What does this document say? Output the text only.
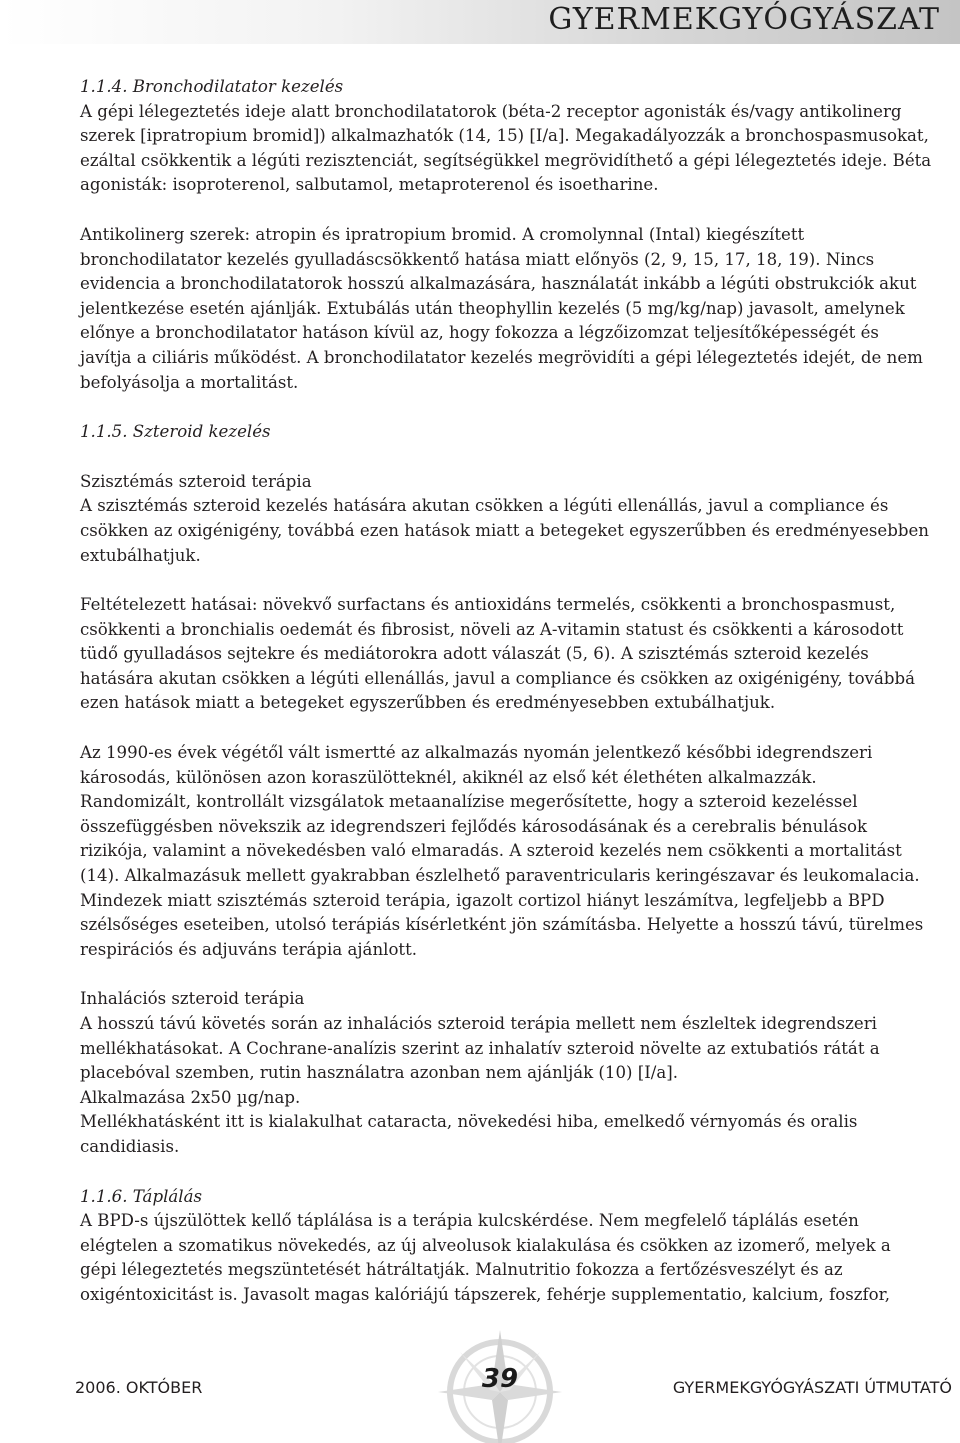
GYERMEKGYÓGYÁSZAT

1.1.4. Bronchodilatator kezelés

A gépi lélegeztetés ideje alatt bronchodilatatorok (béta-2 receptor agonisták és/vagy antikolinerg szerek [ipratropium bromid]) alkalmazhatók (14, 15) [I/a]. Megakadályozzák a bronchospasmusokat, ezáltal csökkentik a légúti rezisztenciát, segítségükkel megrövidíthető a gépi lélegeztetés ideje. Béta agonisták: isoproterenol, salbutamol, metaproterenol és isoetharine.

Antikolinerg szerek: atropin és ipratropium bromid. A cromolynnal (Intal) kiegészített bronchodilatator kezelés gyulladáscsökkentő hatása miatt előnyös (2, 9, 15, 17, 18, 19). Nincs evidencia a bronchodilatatorok hosszú alkalmazására, használatát inkább a légúti obstrukciók akut jelentkezése esetén ajánlják. Extubálás után theophyllin kezelés (5 mg/kg/nap) javasolt, amelynek előnye a bronchodilatator hatáson kívül az, hogy fokozza a légzőizomzat teljesítőképességét és javítja a ciliáris működést. A bronchodilatator kezelés megrövidíti a gépi lélegeztetés idejét, de nem befolyásolja a mortalitást.

1.1.5. Szteroid kezelés

Szisztémás szteroid terápia

A szisztémás szteroid kezelés hatására akutan csökken a légúti ellenállás, javul a compliance és csökken az oxigénigény, továbbá ezen hatások miatt a betegeket egyszerűbben és eredményesebben extubálhatjuk.

Feltételezett hatásai: növekvő surfactans és antioxidáns termelés, csökkenti a bronchospasmust, csökkenti a bronchialis oedemát és fibrosist, növeli az A-vitamin statust és csökkenti a károsodott tüdő gyulladásos sejtekre és mediátorokra adott válaszát (5, 6). A szisztémás szteroid kezelés hatására akutan csökken a légúti ellenállás, javul a compliance és csökken az oxigénigény, továbbá ezen hatások miatt a betegeket egyszerűbben és eredményesebben extubálhatjuk.

Az 1990-es évek végétől vált ismertté az alkalmazás nyomán jelentkező későbbi idegrendszeri károsodás, különösen azon koraszülötteknél, akiknél az első két élethéten alkalmazzák. Randomizált, kontrollált vizsgálatok metaanalízise megerősítette, hogy a szteroid kezeléssel összefüggésben növekszik az idegrendszeri fejlődés károsodásának és a cerebralis bénulások rizikója, valamint a növekedésben való elmaradás. A szteroid kezelés nem csökkenti a mortalitást (14). Alkalmazásuk mellett gyakrabban észlelhető paraventricularis keringészavar és leukomalacia. Mindezek miatt szisztémás szteroid terápia, igazolt cortizol hiányt leszámítva, legfeljebb a BPD szélsőséges eseteiben, utolsó terápiás kísérletként jön számításba. Helyette a hosszú távú, türelmes respirációs és adjuváns terápia ajánlott.

Inhalációs szteroid terápia

A hosszú távú követés során az inhalációs szteroid terápia mellett nem észleltek idegrendszeri mellékhatásokat. A Cochrane-analízis szerint az inhalatív szteroid növelte az extubatiós rátát a placebóval szemben, rutin használatra azonban nem ajánlják (10) [I/a].

Alkalmazása 2x50 µg/nap.

Mellékhatásként itt is kialakulhat cataracta, növekedési hiba, emelkedő vérnyomás és oralis candidiasis.

1.1.6. Táplálás

A BPD-s újszülöttek kellő táplálása is a terápia kulcskérdése. Nem megfelelő táplálás esetén elégtelen a szomatikus növekedés, az új alveolusok kialakulása és csökken az izomerő, melyek a gépi lélegeztetés megszüntetését hátráltatják. Malnutritio fokozza a fertőzésveszélyt és az oxigéntoxicitást is. Javasolt magas kalóriájú tápszerek, fehérje supplementatio, kalcium, foszfor,

2006. OKTÓBER	39	GYERMEKGYÓGYÁSZATI ÚTMUTATÓ
